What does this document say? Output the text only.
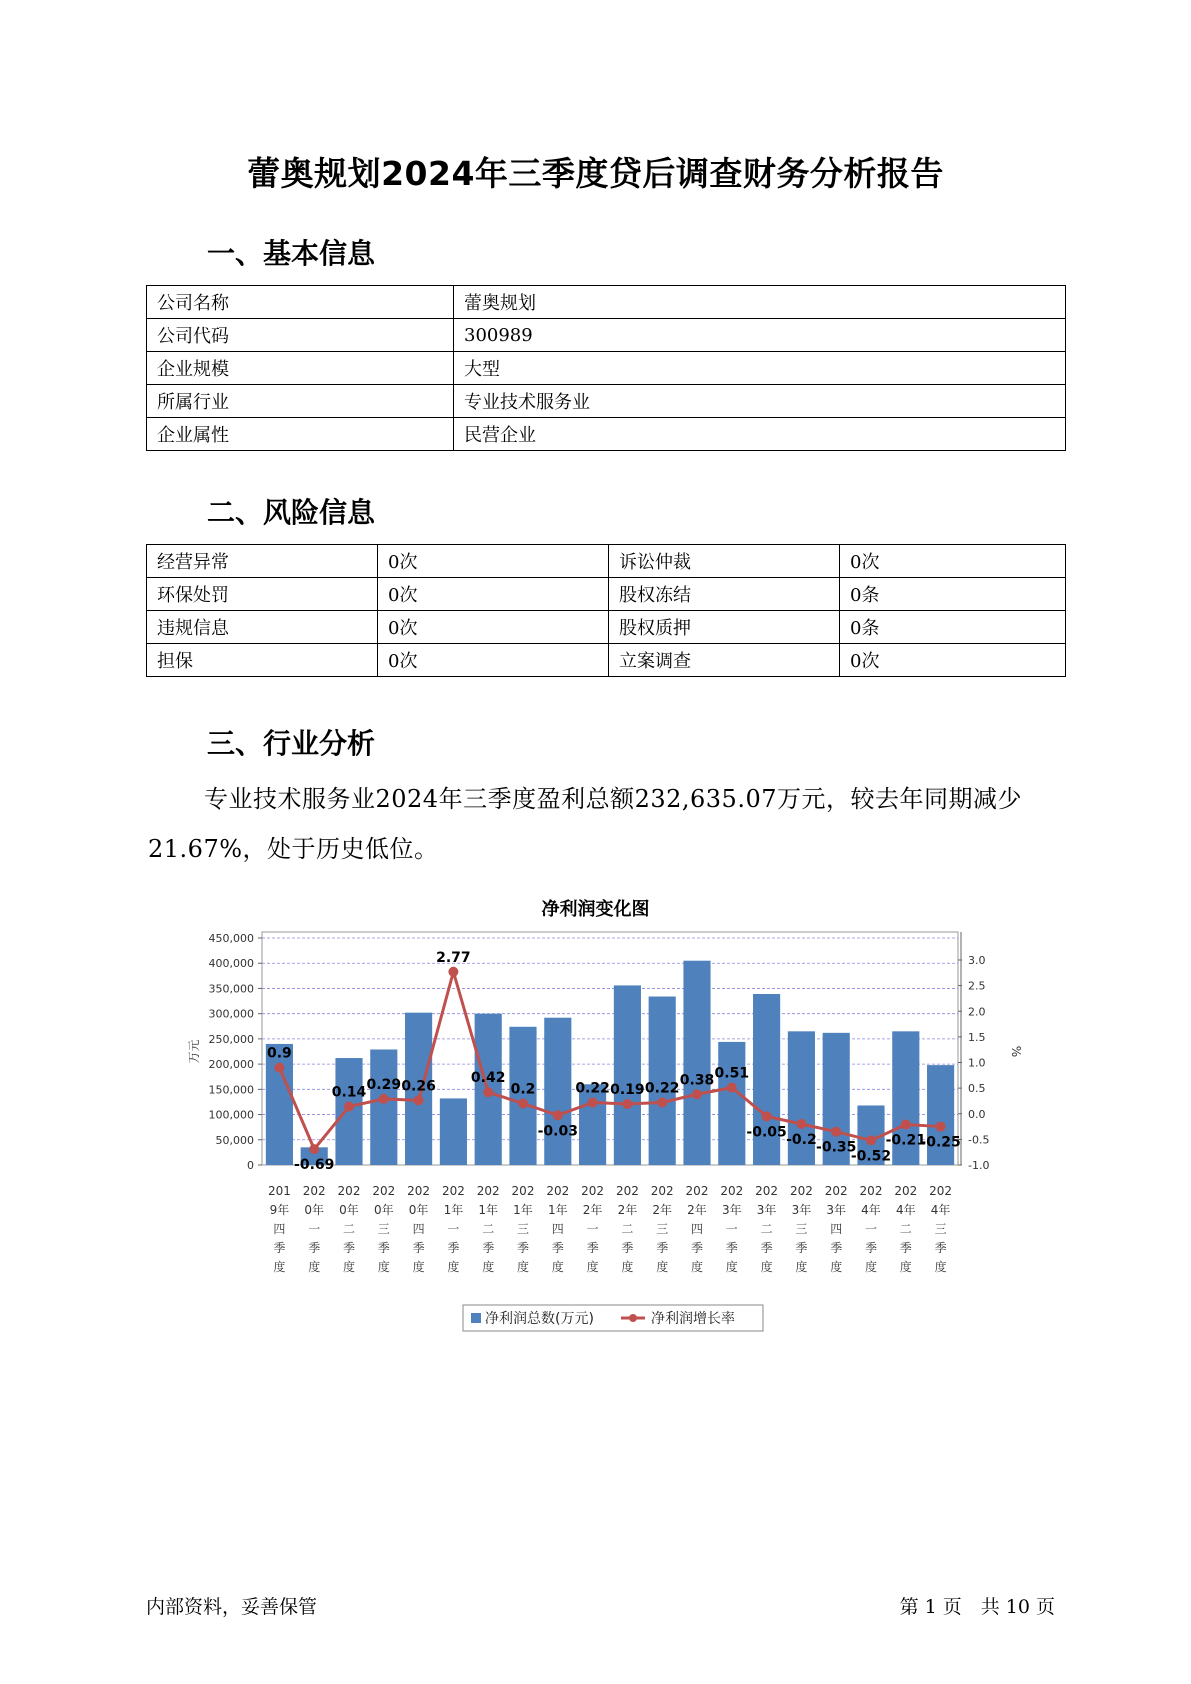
蕾奥规划2024年三季度贷后调查财务分析报告
一、基本信息
公司名称	蕾奥规划
公司代码	300989
企业规模	大型
所属行业	专业技术服务业
企业属性	民营企业
二、风险信息
经营异常	0次	诉讼仲裁	0次
环保处罚	0次	股权冻结	0条
违规信息	0次	股权质押	0条
担保	0次	立案调查	0次
三、行业分析
专业技术服务业2024年三季度盈利总额232,635.07万元，较去年同期减少21.67%，处于历史低位。
净利润变化图
0
50,000
100,000
150,000
200,000
250,000
300,000
350,000
400,000
450,000
-1.0
-0.5
0.0
0.5
1.0
1.5
2.0
2.5
3.0
万元	%
0.9
-0.69
0.14 0.29 0.26
2.77
0.42
0.2
-0.03
0.22 0.19 0.22
0.38 0.51
-0.05 -0.2 -0.35
-0.52
-0.21
-0.25
201 9年四季度
202 0年一季度
202 0年二季度
202 0年三季度
202 0年四季度
202 1年一季度
202 1年二季度
202 1年三季度
202 1年四季度
202 2年一季度
202 2年二季度
202 2年三季度
202 2年四季度
202 3年一季度
202 3年二季度
202 3年三季度
202 3年四季度
202 4年一季度
202 4年二季度
202 4年三季度
净利润总数(万元)	净利润增长率
内部资料，妥善保管	第 1 页　共 10 页
